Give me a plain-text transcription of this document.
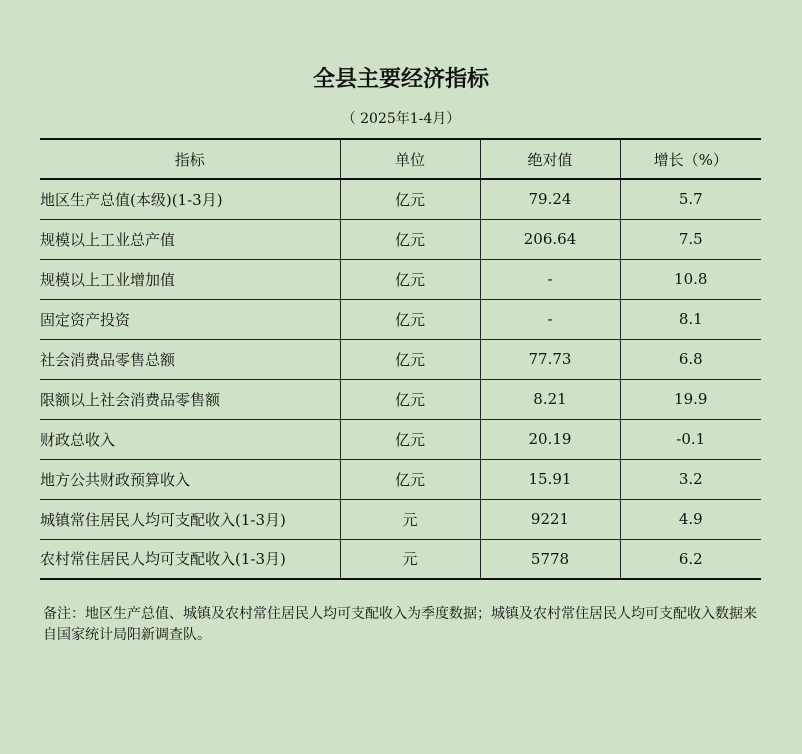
全县主要经济指标
（ 2025年1-4月）
指标	单位	绝对值	增长（%）
地区生产总值(本级)(1-3月)	亿元	79.24	5.7
规模以上工业总产值	亿元	206.64	7.5
规模以上工业增加值	亿元	-	10.8
固定资产投资	亿元	-	8.1
社会消费品零售总额	亿元	77.73	6.8
限额以上社会消费品零售额	亿元	8.21	19.9
财政总收入	亿元	20.19	-0.1
地方公共财政预算收入	亿元	15.91	3.2
城镇常住居民人均可支配收入(1-3月)	元	9221	4.9
农村常住居民人均可支配收入(1-3月)	元	5778	6.2
备注：地区生产总值、城镇及农村常住居民人均可支配收入为季度数据；城镇及农村常住居民人均可支配收入数据来自国家统计局阳新调查队。
